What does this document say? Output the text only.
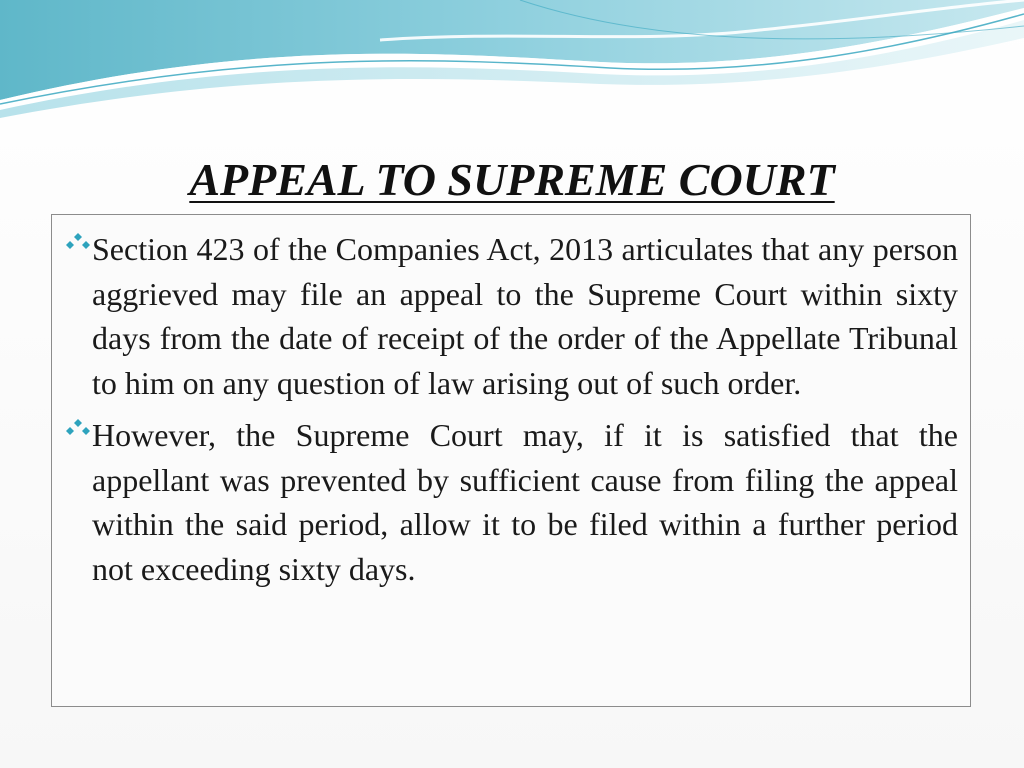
APPEAL TO SUPREME COURT
Section 423 of the Companies Act, 2013 articulates that any person aggrieved may file an appeal to the Supreme Court within sixty days from the date of receipt of the order of the Appellate Tribunal to him on any question of law arising out of such order.
However, the Supreme Court may, if it is satisfied that the appellant was prevented by sufficient cause from filing the appeal within the said period, allow it to be filed within a further period not exceeding sixty days.
